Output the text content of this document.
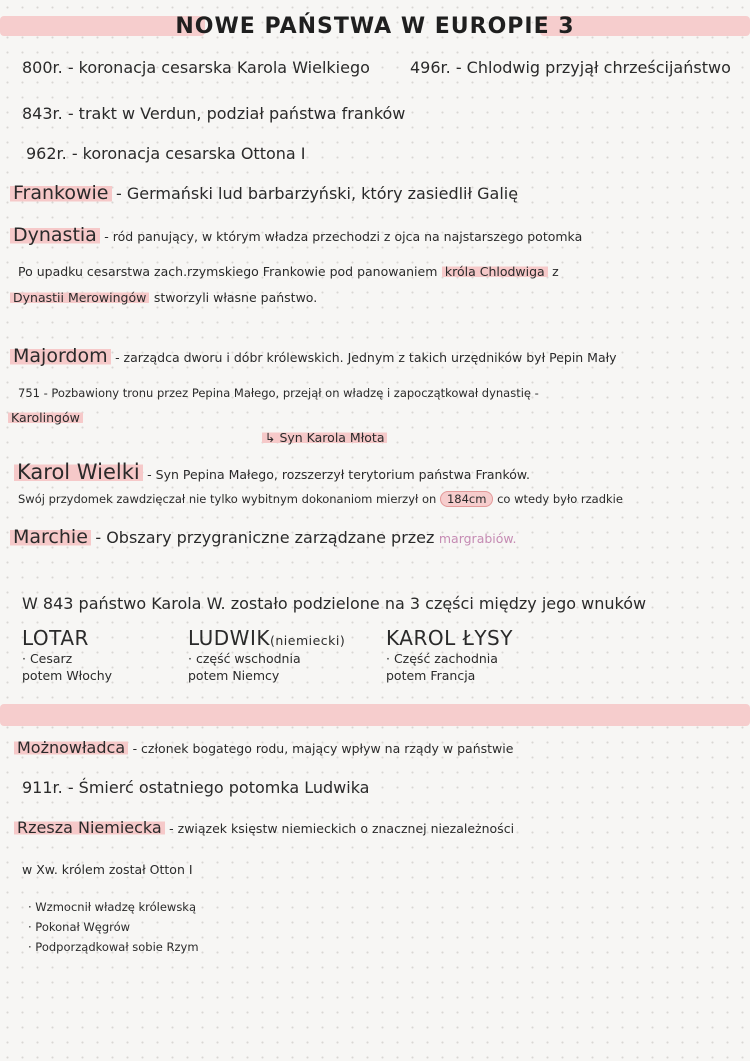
NOWE PAŃSTWA W EUROPIE 3
800r. - koronacja cesarska Karola Wielkiego	496r. - Chlodwig przyjął chrześcijaństwo
843r. - trakt w Verdun, podział państwa franków
962r. - koronacja cesarska Ottona I
Frankowie - Germański lud barbarzyński, który zasiedlił Galię
Dynastia - ród panujący, w którym władza przechodzi z ojca na najstarszego potomka
Po upadku cesarstwa zach.rzymskiego Frankowie pod panowaniem króla Chlodwiga z
Dynastii Merowingów stworzyli własne państwo.
Majordom - zarządca dworu i dóbr królewskich. Jednym z takich urzędników był Pepin Mały
751 - Pozbawiony tronu przez Pepina Małego, przejął on władzę i zapoczątkował dynastię -
Karolingów
↳ Syn Karola Młota
Karol Wielki - Syn Pepina Małego, rozszerzył terytorium państwa Franków.
Swój przydomek zawdzięczał nie tylko wybitnym dokonaniom mierzył on 184cm co wtedy było rzadkie
Marchie - Obszary przygraniczne zarządzane przez margrabiów.
W 843 państwo Karola W. zostało podzielone na 3 części między jego wnuków
LOTAR
· Cesarz
potem Włochy
LUDWIK(niemiecki)
· część wschodnia
potem Niemcy
KAROL ŁYSY
· Część zachodnia
potem Francja
Możnowładca - członek bogatego rodu, mający wpływ na rządy w państwie
911r. - Śmierć ostatniego potomka Ludwika
Rzesza Niemiecka - związek księstw niemieckich o znacznej niezależności
w Xw. królem został Otton I
· Wzmocnił władzę królewską
· Pokonał Węgrów
· Podporządkował sobie Rzym
